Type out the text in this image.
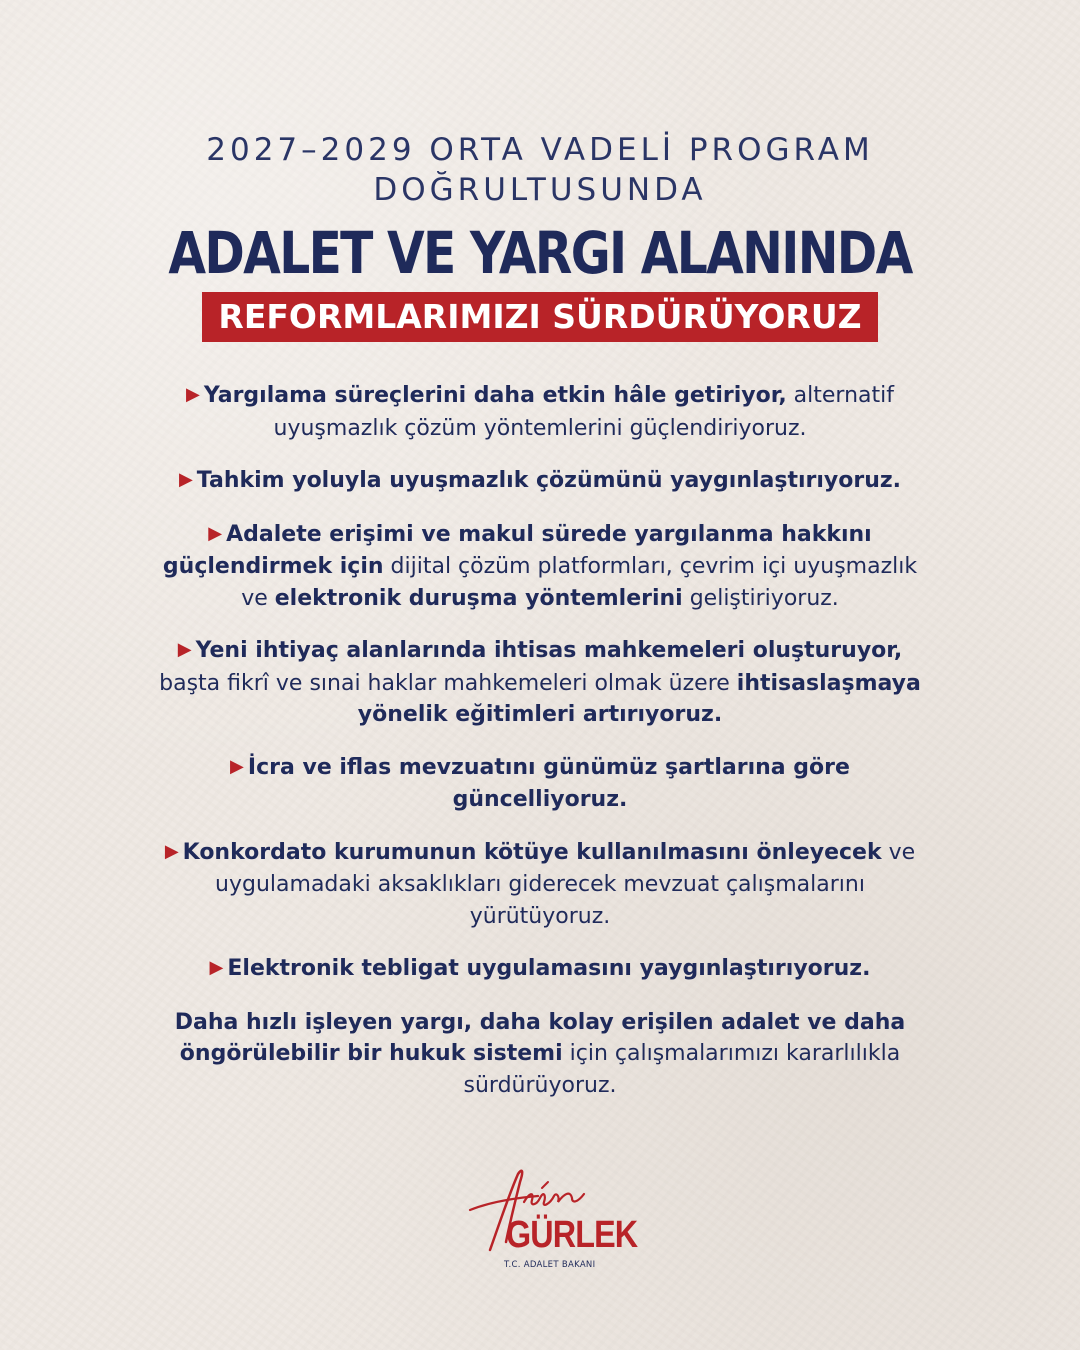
2027–2029 ORTA VADELİ PROGRAM
DOĞRULTUSUNDA
ADALET VE YARGI ALANINDA
REFORMLARIMIZI SÜRDÜRÜYORUZ
▶ Yargılama süreçlerini daha etkin hâle getiriyor, alternatif uyuşmazlık çözüm yöntemlerini güçlendiriyoruz.
▶ Tahkim yoluyla uyuşmazlık çözümünü yaygınlaştırıyoruz.
▶ Adalete erişimi ve makul sürede yargılanma hakkını güçlendirmek için dijital çözüm platformları, çevrim içi uyuşmazlık ve elektronik duruşma yöntemlerini geliştiriyoruz.
▶ Yeni ihtiyaç alanlarında ihtisas mahkemeleri oluşturuyor, başta fikrî ve sınai haklar mahkemeleri olmak üzere ihtisaslaşmaya yönelik eğitimleri artırıyoruz.
▶ İcra ve iflas mevzuatını günümüz şartlarına göre güncelliyoruz.
▶ Konkordato kurumunun kötüye kullanılmasını önleyecek ve uygulamadaki aksaklıkları giderecek mevzuat çalışmalarını yürütüyoruz.
▶ Elektronik tebligat uygulamasını yaygınlaştırıyoruz.
Daha hızlı işleyen yargı, daha kolay erişilen adalet ve daha öngörülebilir bir hukuk sistemi için çalışmalarımızı kararlılıkla sürdürüyoruz.
GÜRLEK
T.C. ADALET BAKANI
